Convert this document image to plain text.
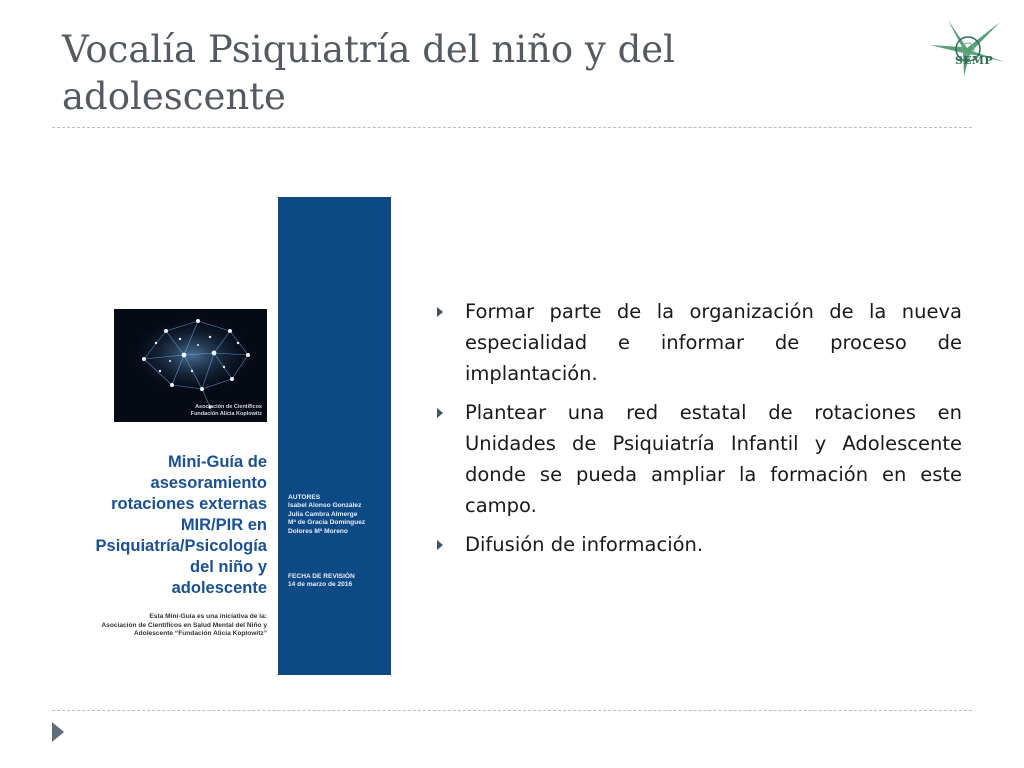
Vocalía Psiquiatría del niño y del adolescente
SEMP
Asociación de Científicos
Fundación Alicia Koplowitz
Mini-Guía de
asesoramiento
rotaciones externas
MIR/PIR en
Psiquiatría/Psicología
del niño y adolescente
Esta Mini-Guía es una iniciativa de la:
Asociación de Científicos en Salud Mental del Niño y
Adolescente “Fundación Alicia Koplowitz”
AUTORES
Isabel Alonso González
Julia Cambra Almerge
Mª de Gracia Domínguez
Dolores Mª Moreno
FECHA DE REVISIÓN
14 de marzo de 2016
Formar parte de la organización de la nueva especialidad e informar de proceso de implantación.
Plantear una red estatal de rotaciones en Unidades de Psiquiatría Infantil y Adolescente donde se pueda ampliar la formación en este campo.
Difusión de información.
